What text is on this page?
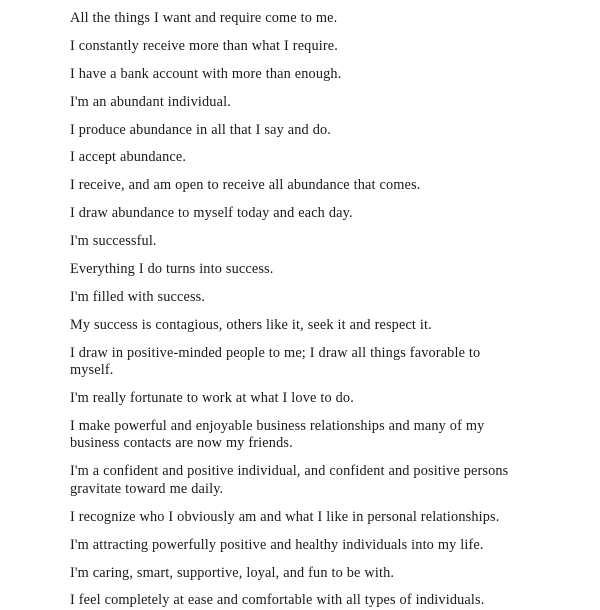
All the things I want and require come to me.

I constantly receive more than what I require.

I have a bank account with more than enough.

I'm an abundant individual.

I produce abundance in all that I say and do.

I accept abundance.

I receive, and am open to receive all abundance that comes.

I draw abundance to myself today and each day.

I'm successful.

Everything I do turns into success.

I'm filled with success.

My success is contagious, others like it, seek it and respect it.

I draw in positive-minded people to me; I draw all things favorable to myself.

I'm really fortunate to work at what I love to do.

I make powerful and enjoyable business relationships and many of my business contacts are now my friends.

I'm a confident and positive individual, and confident and positive persons gravitate toward me daily.

I recognize who I obviously am and what I like in personal relationships.

I'm attracting powerfully positive and healthy individuals into my life.

I'm caring, smart, supportive, loyal, and fun to be with.

I feel completely at ease and comfortable with all types of individuals.
